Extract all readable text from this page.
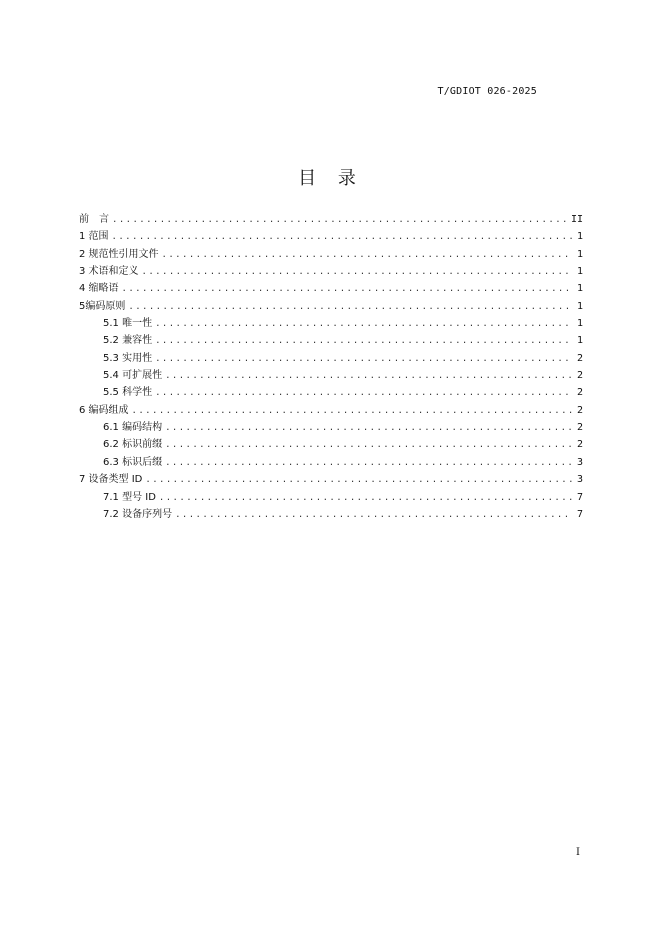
T/GDIOT 026-2025
目 录
前　言 .....	II
1 范围 .....	1
2 规范性引用文件 .....	1
3 术语和定义 .....	1
4 缩略语 .....	1
5编码原则 .....	1
5.1 唯一性 .....	1
5.2 兼容性 .....	1
5.3 实用性 .....	2
5.4 可扩展性 .....	2
5.5 科学性 .....	2
6 编码组成 .....	2
6.1 编码结构 .....	2
6.2 标识前缀 .....	2
6.3 标识后缀 .....	3
7 设备类型 ID .....	3
7.1 型号 ID .....	7
7.2 设备序列号 .....	7
I
